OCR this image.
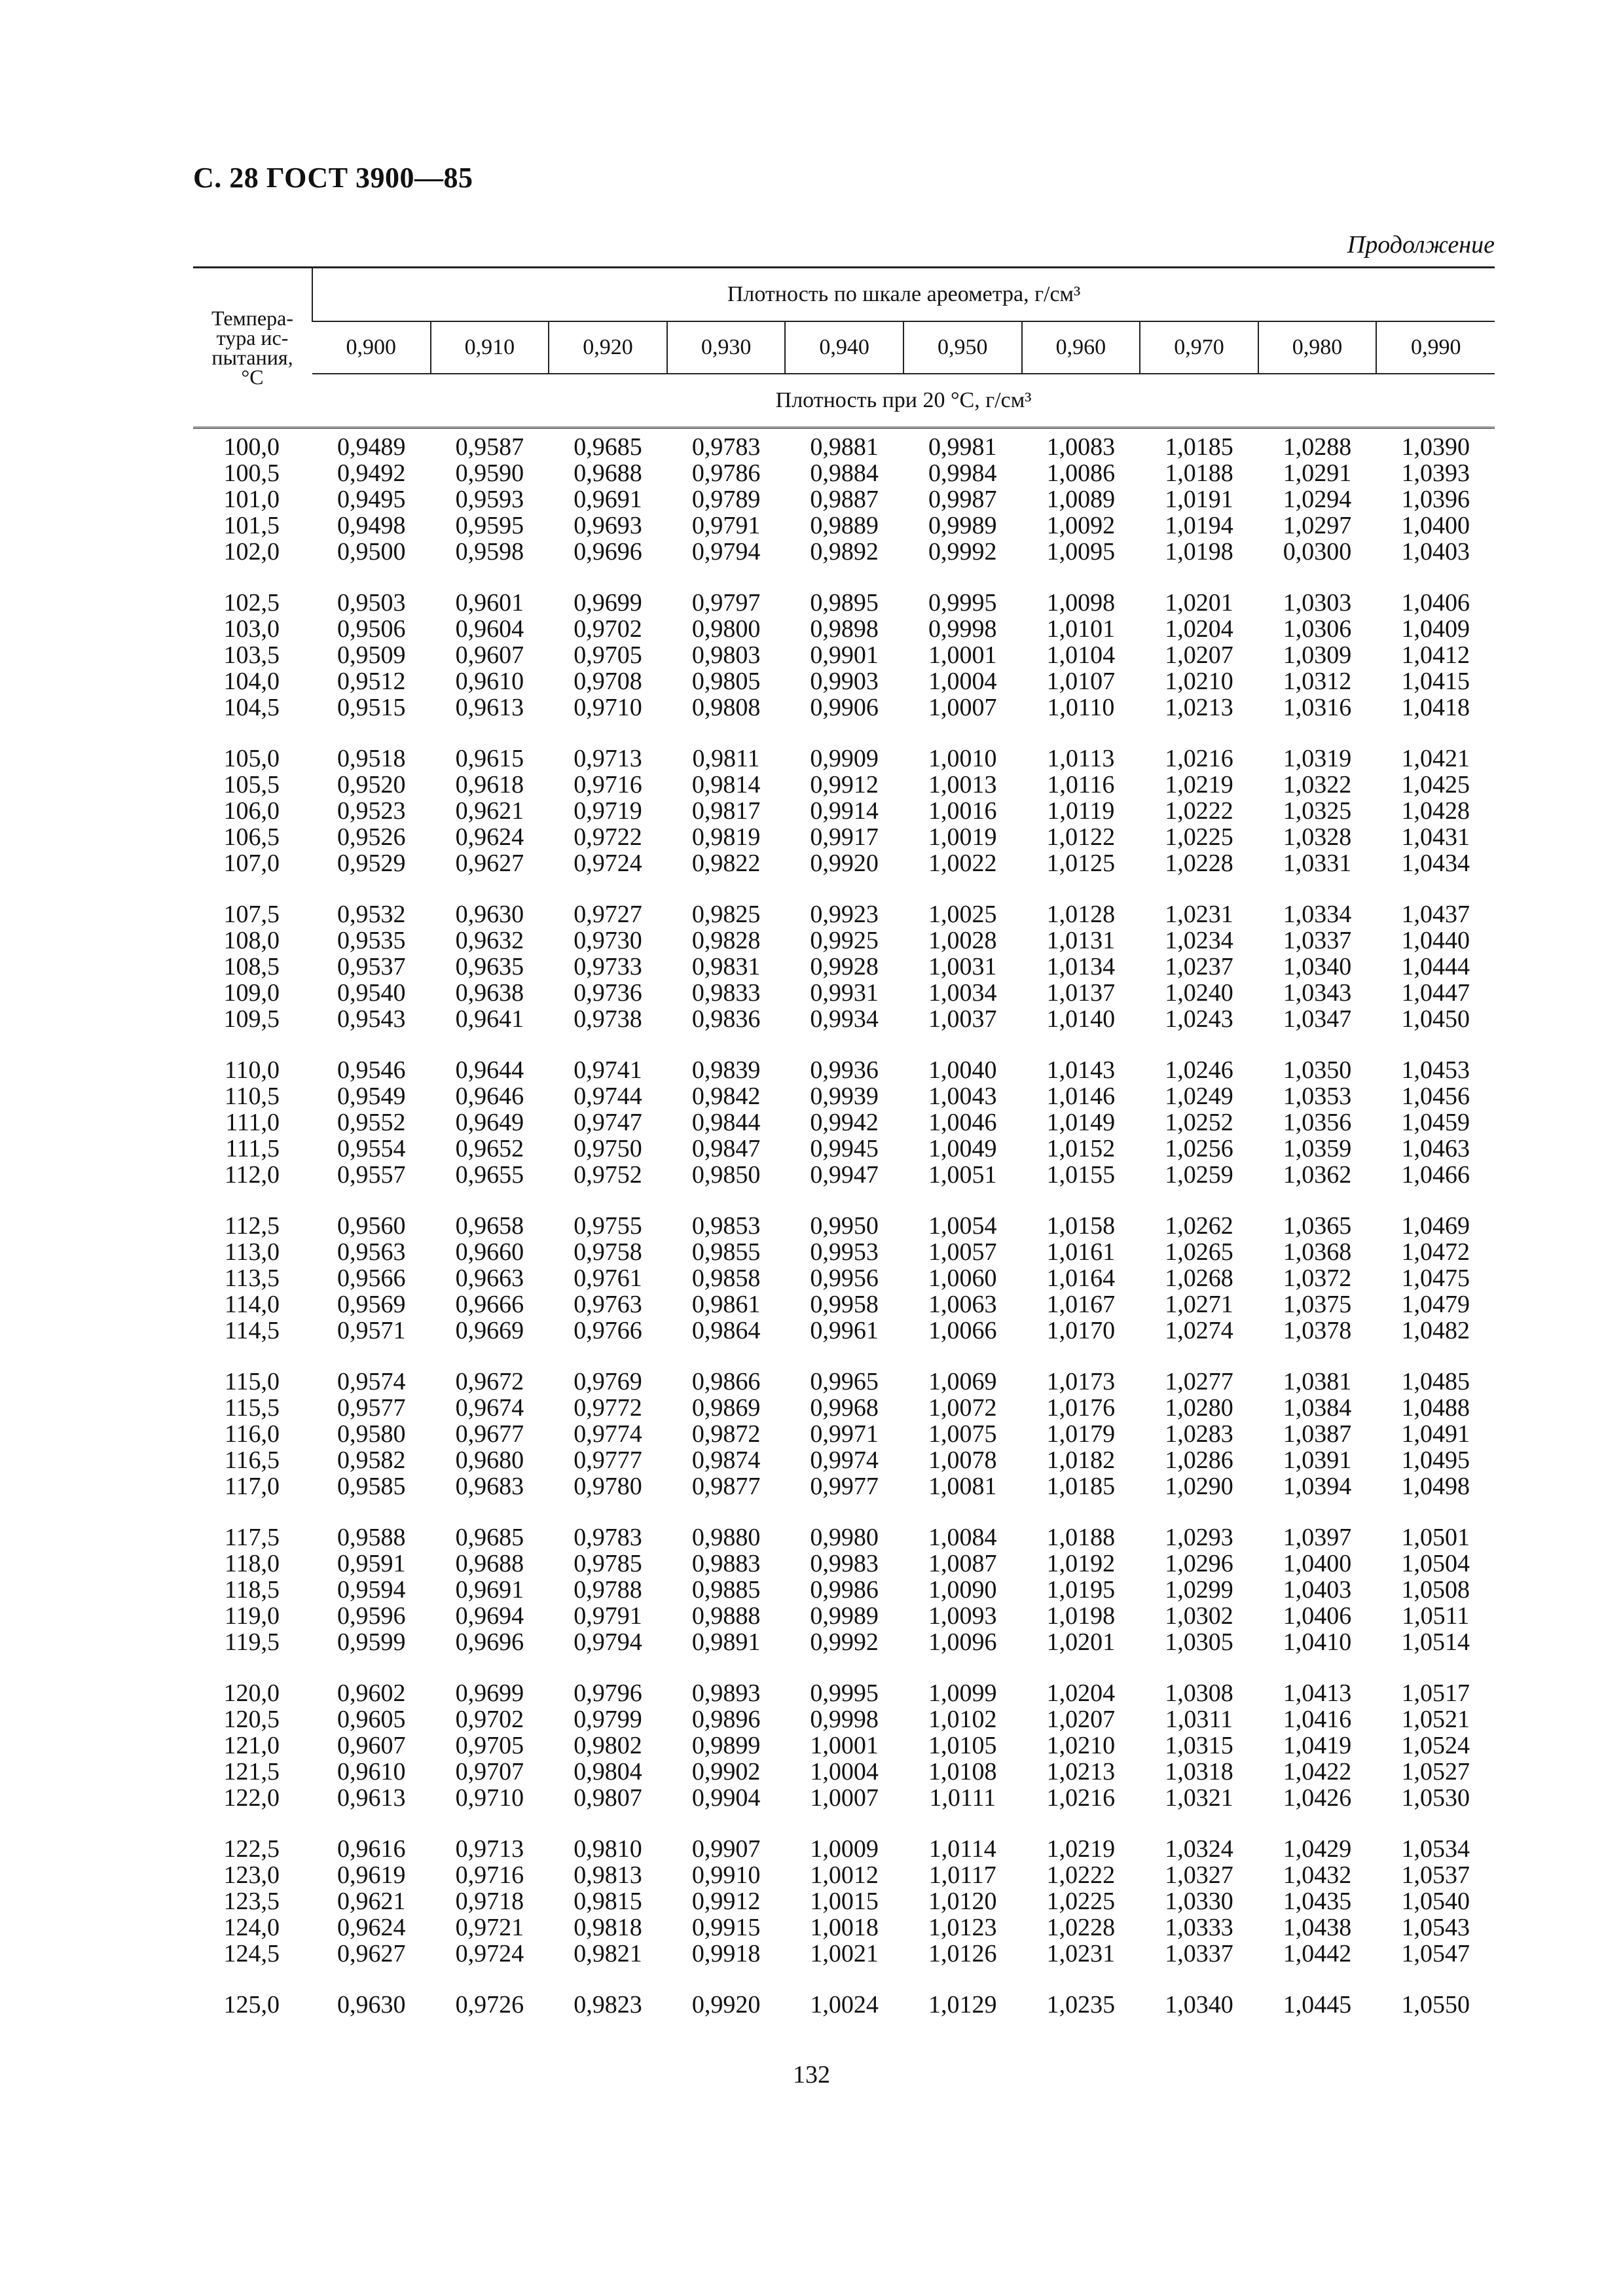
С. 28 ГОСТ 3900—85
Продолжение
Темпера-
тура ис-
пытания,
°С	Плотность по шкале ареометра, г/см³									
	0,900	0,910	0,920	0,930	0,940	0,950	0,960	0,970	0,980	0,990
	Плотность при 20 °С, г/см³									

100,0	0,9489	0,9587	0,9685	0,9783	0,9881	0,9981	1,0083	1,0185	1,0288	1,0390
100,5	0,9492	0,9590	0,9688	0,9786	0,9884	0,9984	1,0086	1,0188	1,0291	1,0393
101,0	0,9495	0,9593	0,9691	0,9789	0,9887	0,9987	1,0089	1,0191	1,0294	1,0396
101,5	0,9498	0,9595	0,9693	0,9791	0,9889	0,9989	1,0092	1,0194	1,0297	1,0400
102,0	0,9500	0,9598	0,9696	0,9794	0,9892	0,9992	1,0095	1,0198	0,0300	1,0403

102,5	0,9503	0,9601	0,9699	0,9797	0,9895	0,9995	1,0098	1,0201	1,0303	1,0406
103,0	0,9506	0,9604	0,9702	0,9800	0,9898	0,9998	1,0101	1,0204	1,0306	1,0409
103,5	0,9509	0,9607	0,9705	0,9803	0,9901	1,0001	1,0104	1,0207	1,0309	1,0412
104,0	0,9512	0,9610	0,9708	0,9805	0,9903	1,0004	1,0107	1,0210	1,0312	1,0415
104,5	0,9515	0,9613	0,9710	0,9808	0,9906	1,0007	1,0110	1,0213	1,0316	1,0418

105,0	0,9518	0,9615	0,9713	0,9811	0,9909	1,0010	1,0113	1,0216	1,0319	1,0421
105,5	0,9520	0,9618	0,9716	0,9814	0,9912	1,0013	1,0116	1,0219	1,0322	1,0425
106,0	0,9523	0,9621	0,9719	0,9817	0,9914	1,0016	1,0119	1,0222	1,0325	1,0428
106,5	0,9526	0,9624	0,9722	0,9819	0,9917	1,0019	1,0122	1,0225	1,0328	1,0431
107,0	0,9529	0,9627	0,9724	0,9822	0,9920	1,0022	1,0125	1,0228	1,0331	1,0434

107,5	0,9532	0,9630	0,9727	0,9825	0,9923	1,0025	1,0128	1,0231	1,0334	1,0437
108,0	0,9535	0,9632	0,9730	0,9828	0,9925	1,0028	1,0131	1,0234	1,0337	1,0440
108,5	0,9537	0,9635	0,9733	0,9831	0,9928	1,0031	1,0134	1,0237	1,0340	1,0444
109,0	0,9540	0,9638	0,9736	0,9833	0,9931	1,0034	1,0137	1,0240	1,0343	1,0447
109,5	0,9543	0,9641	0,9738	0,9836	0,9934	1,0037	1,0140	1,0243	1,0347	1,0450

110,0	0,9546	0,9644	0,9741	0,9839	0,9936	1,0040	1,0143	1,0246	1,0350	1,0453
110,5	0,9549	0,9646	0,9744	0,9842	0,9939	1,0043	1,0146	1,0249	1,0353	1,0456
111,0	0,9552	0,9649	0,9747	0,9844	0,9942	1,0046	1,0149	1,0252	1,0356	1,0459
111,5	0,9554	0,9652	0,9750	0,9847	0,9945	1,0049	1,0152	1,0256	1,0359	1,0463
112,0	0,9557	0,9655	0,9752	0,9850	0,9947	1,0051	1,0155	1,0259	1,0362	1,0466

112,5	0,9560	0,9658	0,9755	0,9853	0,9950	1,0054	1,0158	1,0262	1,0365	1,0469
113,0	0,9563	0,9660	0,9758	0,9855	0,9953	1,0057	1,0161	1,0265	1,0368	1,0472
113,5	0,9566	0,9663	0,9761	0,9858	0,9956	1,0060	1,0164	1,0268	1,0372	1,0475
114,0	0,9569	0,9666	0,9763	0,9861	0,9958	1,0063	1,0167	1,0271	1,0375	1,0479
114,5	0,9571	0,9669	0,9766	0,9864	0,9961	1,0066	1,0170	1,0274	1,0378	1,0482

115,0	0,9574	0,9672	0,9769	0,9866	0,9965	1,0069	1,0173	1,0277	1,0381	1,0485
115,5	0,9577	0,9674	0,9772	0,9869	0,9968	1,0072	1,0176	1,0280	1,0384	1,0488
116,0	0,9580	0,9677	0,9774	0,9872	0,9971	1,0075	1,0179	1,0283	1,0387	1,0491
116,5	0,9582	0,9680	0,9777	0,9874	0,9974	1,0078	1,0182	1,0286	1,0391	1,0495
117,0	0,9585	0,9683	0,9780	0,9877	0,9977	1,0081	1,0185	1,0290	1,0394	1,0498

117,5	0,9588	0,9685	0,9783	0,9880	0,9980	1,0084	1,0188	1,0293	1,0397	1,0501
118,0	0,9591	0,9688	0,9785	0,9883	0,9983	1,0087	1,0192	1,0296	1,0400	1,0504
118,5	0,9594	0,9691	0,9788	0,9885	0,9986	1,0090	1,0195	1,0299	1,0403	1,0508
119,0	0,9596	0,9694	0,9791	0,9888	0,9989	1,0093	1,0198	1,0302	1,0406	1,0511
119,5	0,9599	0,9696	0,9794	0,9891	0,9992	1,0096	1,0201	1,0305	1,0410	1,0514

120,0	0,9602	0,9699	0,9796	0,9893	0,9995	1,0099	1,0204	1,0308	1,0413	1,0517
120,5	0,9605	0,9702	0,9799	0,9896	0,9998	1,0102	1,0207	1,0311	1,0416	1,0521
121,0	0,9607	0,9705	0,9802	0,9899	1,0001	1,0105	1,0210	1,0315	1,0419	1,0524
121,5	0,9610	0,9707	0,9804	0,9902	1,0004	1,0108	1,0213	1,0318	1,0422	1,0527
122,0	0,9613	0,9710	0,9807	0,9904	1,0007	1,0111	1,0216	1,0321	1,0426	1,0530

122,5	0,9616	0,9713	0,9810	0,9907	1,0009	1,0114	1,0219	1,0324	1,0429	1,0534
123,0	0,9619	0,9716	0,9813	0,9910	1,0012	1,0117	1,0222	1,0327	1,0432	1,0537
123,5	0,9621	0,9718	0,9815	0,9912	1,0015	1,0120	1,0225	1,0330	1,0435	1,0540
124,0	0,9624	0,9721	0,9818	0,9915	1,0018	1,0123	1,0228	1,0333	1,0438	1,0543
124,5	0,9627	0,9724	0,9821	0,9918	1,0021	1,0126	1,0231	1,0337	1,0442	1,0547

125,0	0,9630	0,9726	0,9823	0,9920	1,0024	1,0129	1,0235	1,0340	1,0445	1,0550
132
